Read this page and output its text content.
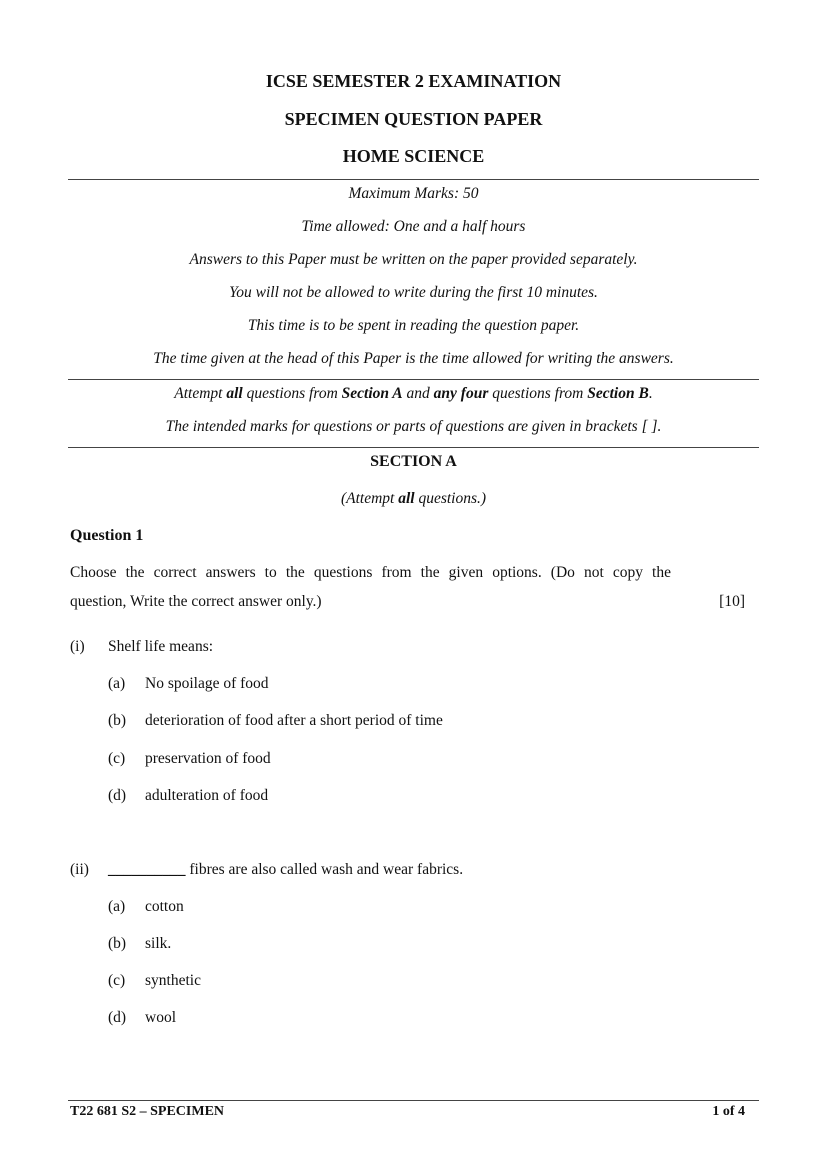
ICSE SEMESTER 2 EXAMINATION
SPECIMEN QUESTION PAPER
HOME SCIENCE
Maximum Marks: 50
Time allowed: One and a half hours
Answers to this Paper must be written on the paper provided separately.
You will not be allowed to write during the first 10 minutes.
This time is to be spent in reading the question paper.
The time given at the head of this Paper is the time allowed for writing the answers.
Attempt all questions from Section A and any four questions from Section B.
The intended marks for questions or parts of questions are given in brackets [ ].
SECTION A
(Attempt all questions.)
Question 1
Choose the correct answers to the questions from the given options. (Do not copy the
question, Write the correct answer only.)	[10]
(i) Shelf life means:
(a) No spoilage of food
(b) deterioration of food after a short period of time
(c) preservation of food
(d) adulteration of food
(ii) __________ fibres are also called wash and wear fabrics.
(a) cotton
(b) silk.
(c) synthetic
(d) wool
T22 681 S2 – SPECIMEN	1 of 4
